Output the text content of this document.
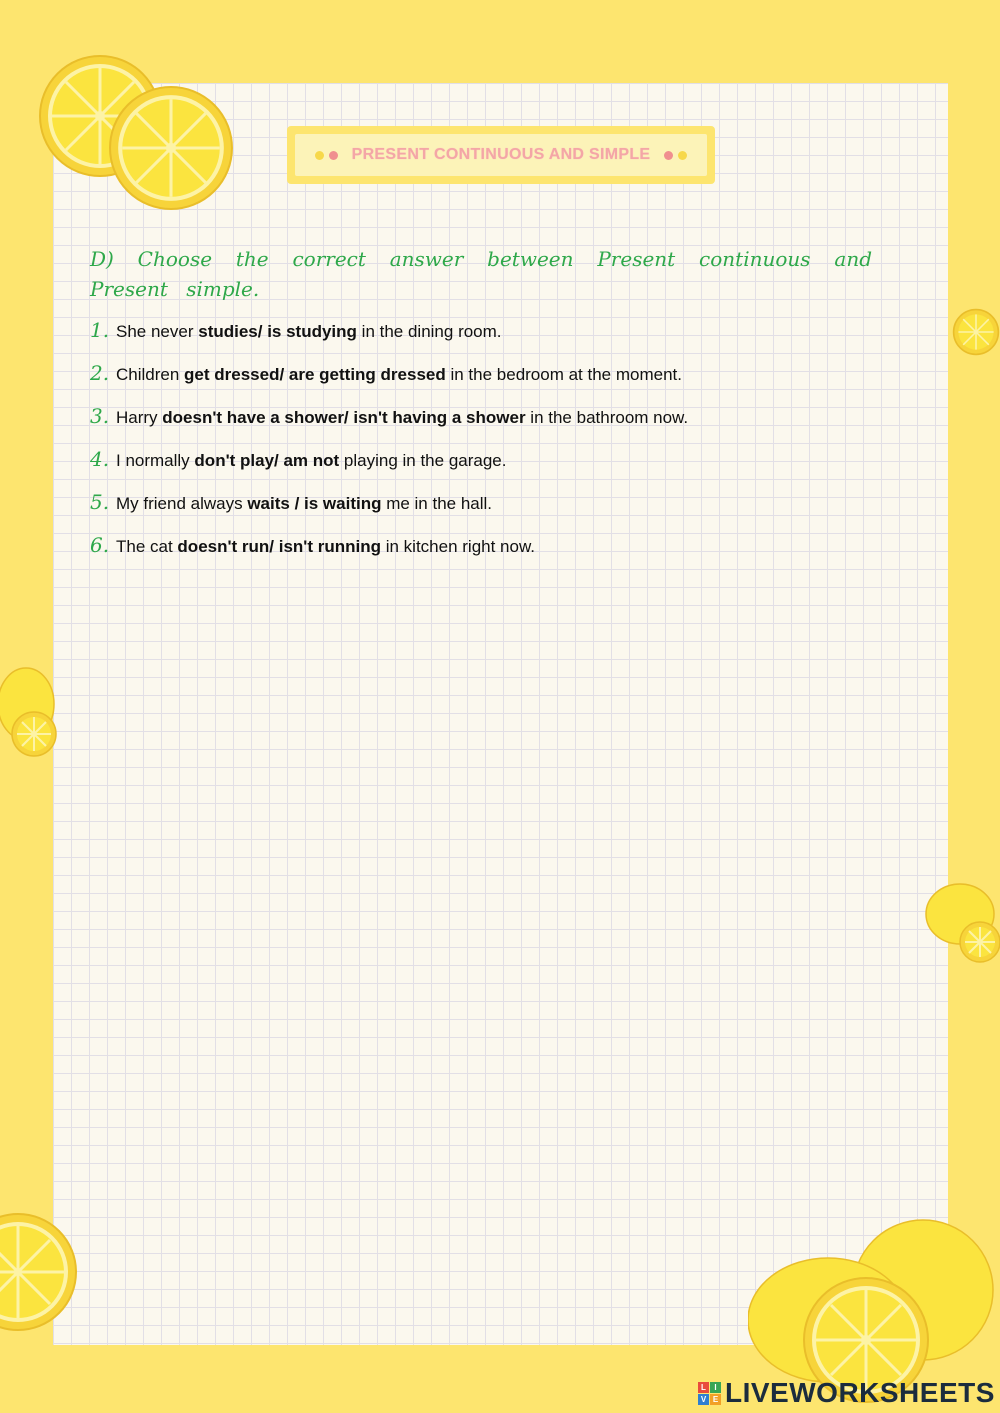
PRESENT CONTINUOUS AND SIMPLE
D) Choose the correct answer between Present continuous and Present simple.
1. She never studies/ is studying in the dining room.
2. Children get dressed/ are getting dressed in the bedroom at the moment.
3. Harry doesn't have a shower/ isn't having a shower in the bathroom now.
4. I normally don't play/ am not playing in the garage.
5. My friend always waits / is waiting me in the hall.
6. The cat doesn't run/ isn't running in kitchen right now.
L	I
V E LIVEWORKSHEETS
